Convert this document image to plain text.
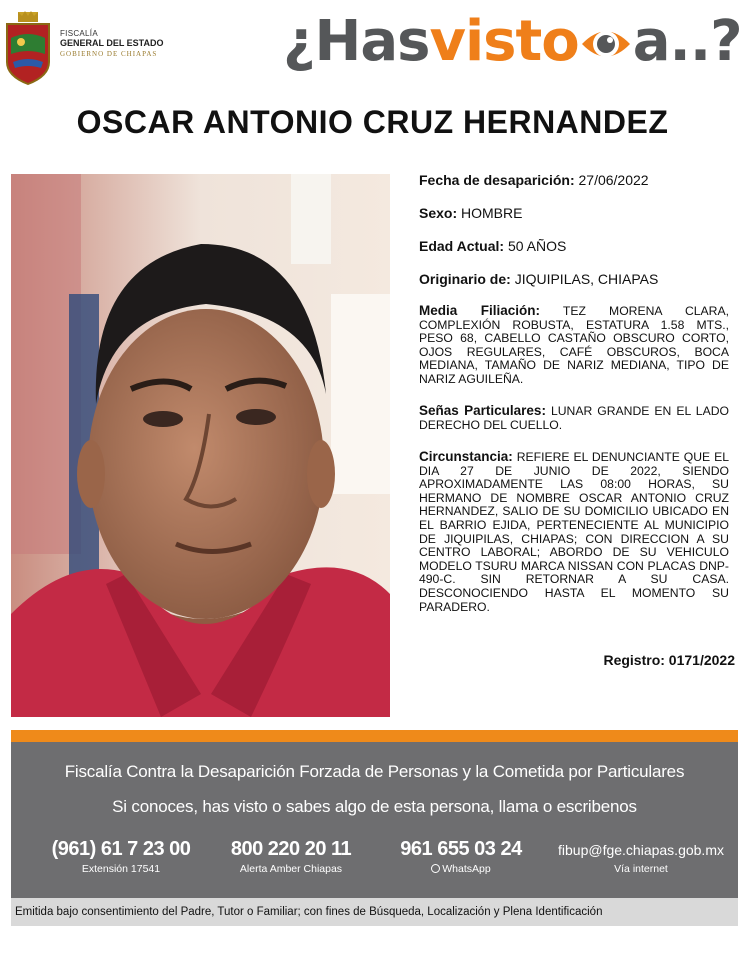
FISCALÍA
GENERAL DEL ESTADO
GOBIERNO DE CHIAPAS ¿Hasvisto a..?
OSCAR ANTONIO CRUZ HERNANDEZ
Fecha de desaparición: 27/06/2022
Sexo: HOMBRE
Edad Actual: 50 AÑOS
Originario de: JIQUIPILAS, CHIAPAS
Media Filiación: TEZ MORENA CLARA, COMPLEXIÓN ROBUSTA, ESTATURA 1.58 MTS., PESO 68, CABELLO CASTAÑO OBSCURO CORTO, OJOS REGULARES, CAFÉ OBSCUROS, BOCA MEDIANA, TAMAÑO DE NARIZ MEDIANA, TIPO DE NARIZ AGUILEÑA.
Señas Particulares: LUNAR GRANDE EN EL LADO DERECHO DEL CUELLO.
Circunstancia: REFIERE EL DENUNCIANTE QUE EL DIA 27 DE JUNIO DE 2022, SIENDO APROXIMADAMENTE LAS 08:00 HORAS, SU HERMANO DE NOMBRE OSCAR ANTONIO CRUZ HERNANDEZ, SALIO DE SU DOMICILIO UBICADO EN EL BARRIO EJIDA, PERTENECIENTE AL MUNICIPIO DE JIQUIPILAS, CHIAPAS; CON DIRECCION A SU CENTRO LABORAL; ABORDO DE SU VEHICULO MODELO TSURU MARCA NISSAN CON PLACAS DNP-490-C. SIN RETORNAR A SU CASA. DESCONOCIENDO HASTA EL MOMENTO SU PARADERO.
Registro: 0171/2022
Fiscalía Contra la Desaparición Forzada de Personas y la Cometida por Particulares
Si conoces, has visto o sabes algo de esta persona, llama o escribenos
(961) 61 7 23 00
Extensión 17541
800 220 20 11
Alerta Amber Chiapas
961 655 03 24
WhatsApp
fibup@fge.chiapas.gob.mx
Vía internet
Emitida bajo consentimiento del Padre, Tutor o Familiar; con fines de Búsqueda, Localización y Plena Identificación
